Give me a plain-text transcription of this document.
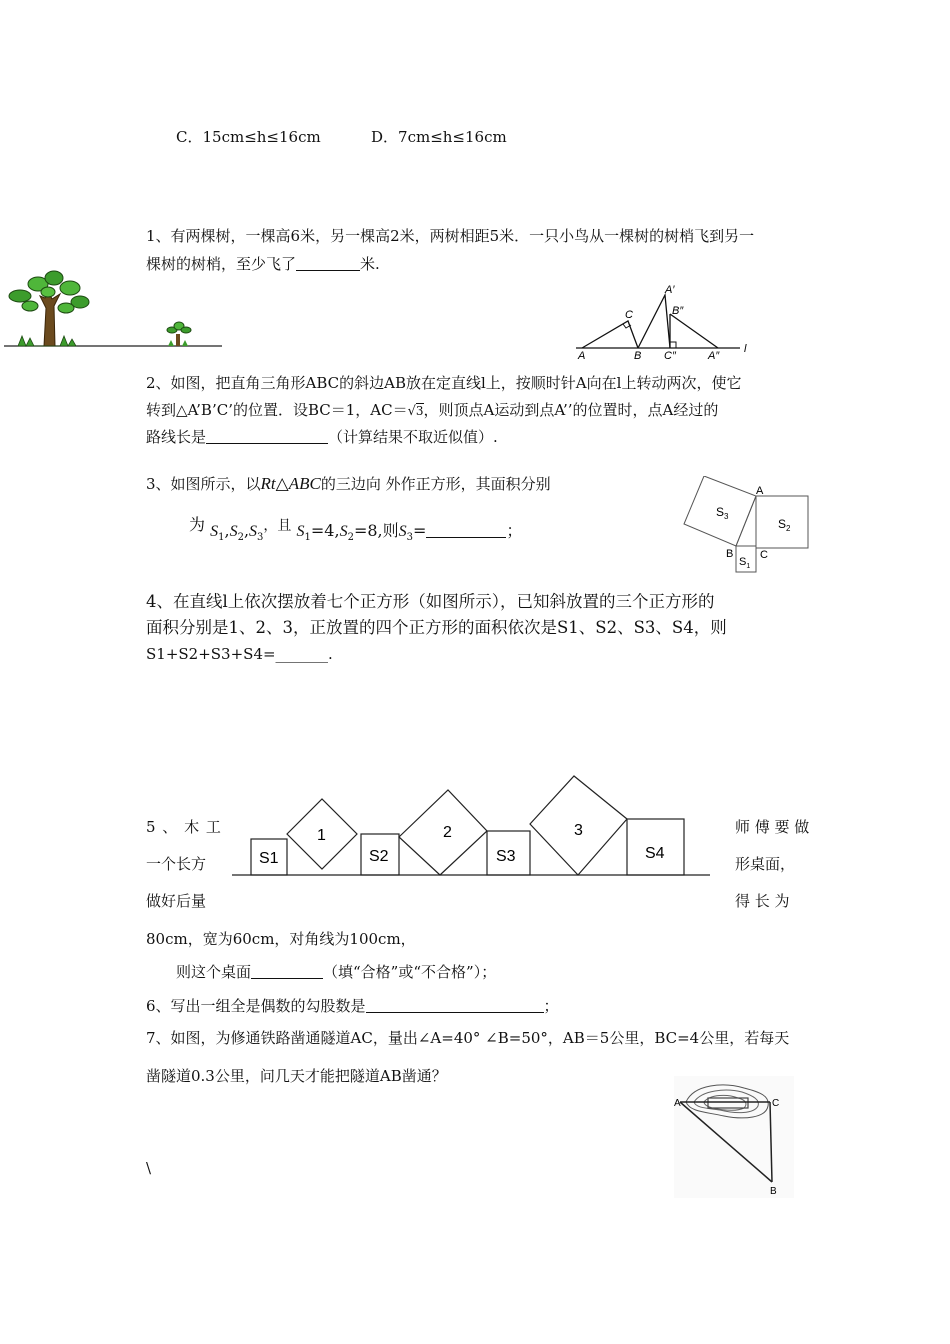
C．15cm≤h≤16cm	D．7cm≤h≤16cm
1、有两棵树，一棵高6米，另一棵高2米，两树相距5米．一只小鸟从一棵树的树梢飞到另一
棵树的树梢，至少飞了	米.
A
C
B
A′
B″
C″	A″
l
2、如图，把直角三角形ABC的斜边AB放在定直线l上，按顺时针A向在l上转动两次，使它
转到△A’B’C’的位置．设BC＝1，AC＝√3，则顶点A运动到点A’’的位置时，点A经过的
路线长是	（计算结果不取近似值）.
3、如图所示，以Rt△ABC的三边向 外作正方形，其面积分别
为 $S_1,S_2,S_3$，且 $S_1=4,S_2=8$,则$S_3=$	；
A
B C
$S_3$
$S_2$
$S_1$
4、在直线l上依次摆放着七个正方形（如图所示），已知斜放置的三个正方形的
面积分别是1、2、3，正放置的四个正方形的面积依次是S1、S2、S3、S4，则
S1+S2+S3+S4=_______.
S1
1
S2
2
S3
3
S4
5 、 木 工	师 傅 要 做
一个长方	形桌面，
做好后量	得 长 为
80cm，宽为60cm，对角线为100cm，
则这个桌面	（填“合格”或“不合格”）；
6、写出一组全是偶数的勾股数是	；
7、如图，为修通铁路凿通隧道AC，量出∠A=40° ∠B=50°，AB＝5公里，BC=4公里，若每天
凿隧道0.3公里，问几天才能把隧道AB凿通？
A	C
B
\
